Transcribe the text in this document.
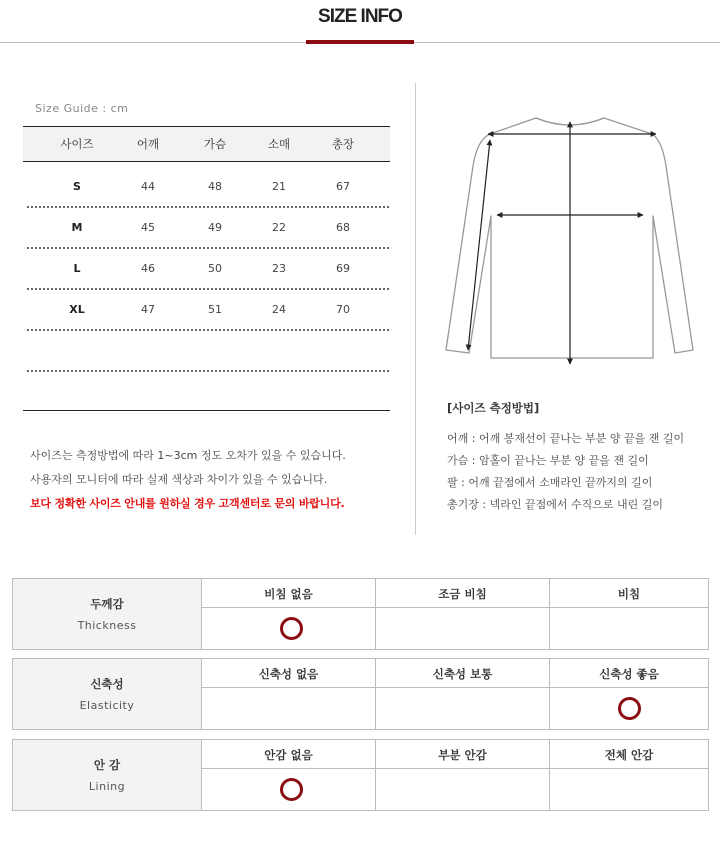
SIZE INFO
Size Guide : cm
사이즈	어깨	가슴	소매	총장
S	44	48	21	67
M	45	49	22	68
L	46	50	23	69
XL	47	51	24	70
사이즈는 측정방법에 따라 1~3cm 정도 오차가 있을 수 있습니다.
사용자의 모니터에 따라 실제 색상과 차이가 있을 수 있습니다.
보다 정확한 사이즈 안내를 원하실 경우 고객센터로 문의 바랍니다.
[사이즈 측정방법]
어깨 : 어깨 봉재선이 끝나는 부분 양 끝을 잰 길이
가슴 : 암홀이 끝나는 부분 양 끝을 잰 길이
팔 : 어깨 끝점에서 소매라인 끝까지의 길이
총기장 : 넥라인 끝점에서 수직으로 내린 길이
두께감
Thickness
비침 없음	조금 비침	비침
신축성
Elasticity
신축성 없음	신축성 보통	신축성 좋음
안 감
Lining
안감 없음	부분 안감	전체 안감
